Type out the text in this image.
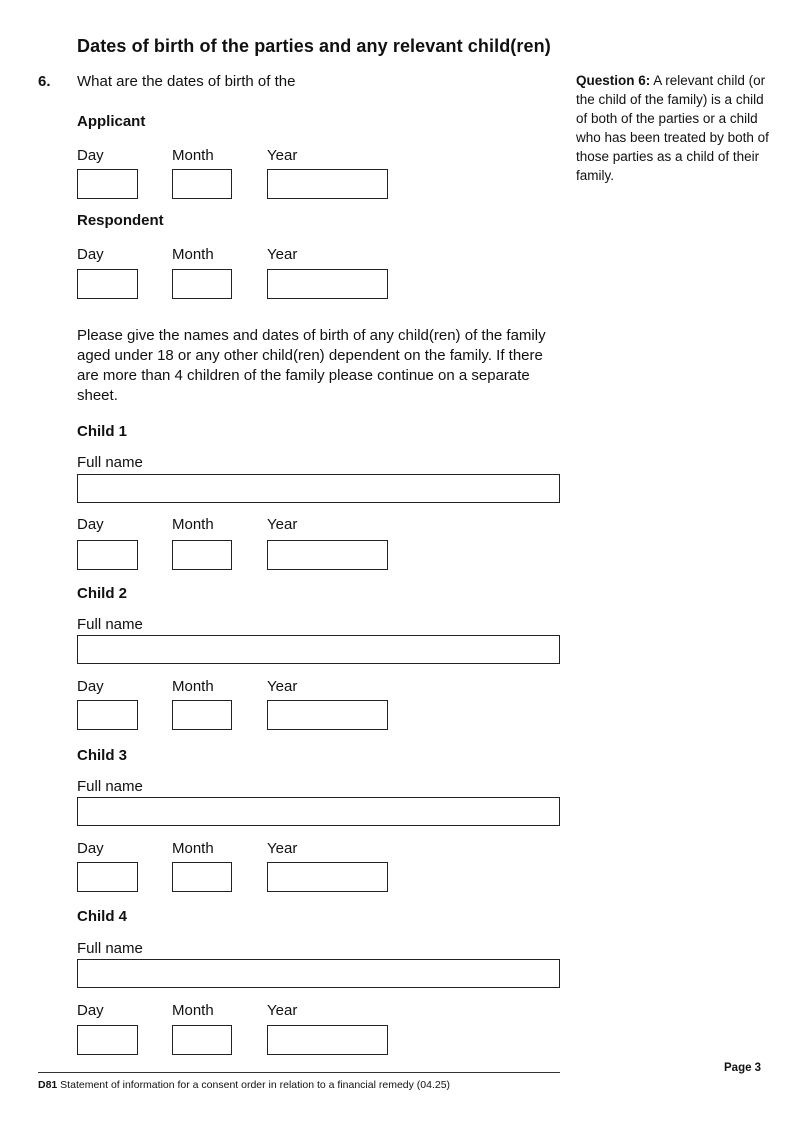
Dates of birth of the parties and any relevant child(ren)
6. What are the dates of birth of the	Question 6: A relevant child (or the child of the family) is a child of both of the parties or a child who has been treated by both of those parties as a child of their family.
Applicant
Day	Month	Year
Respondent
Day	Month	Year
Please give the names and dates of birth of any child(ren) of the family aged under 18 or any other child(ren) dependent on the family. If there are more than 4 children of the family please continue on a separate sheet.
Child 1
Full name
Day	Month	Year
Child 2
Full name
Day	Month	Year
Child 3
Full name
Day	Month	Year
Child 4
Full name
Day	Month	Year
D81 Statement of information for a consent order in relation to a financial remedy (04.25)
Page 3
